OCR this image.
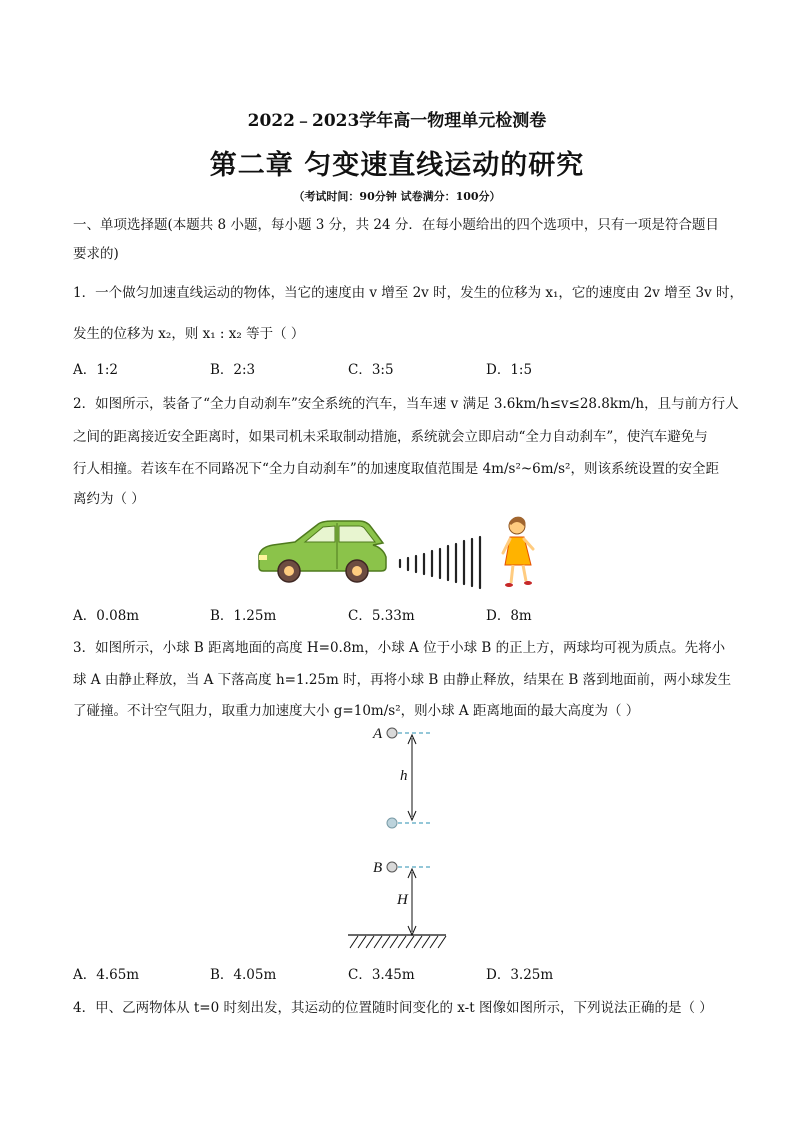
2022﹣2023学年高一物理单元检测卷
第二章 匀变速直线运动的研究
（考试时间：90分钟 试卷满分：100分）
一、单项选择题(本题共 8 小题，每小题 3 分，共 24 分．在每小题给出的四个选项中，只有一项是符合题目
要求的)
1．一个做匀加速直线运动的物体，当它的速度由 v 增至 2v 时，发生的位移为 x₁，它的速度由 2v 增至 3v 时，
发生的位移为 x₂，则 x₁ : x₂ 等于（ ）
A．1:2	B．2:3	C．3:5	D．1:5
2．如图所示，装备了“全力自动刹车”安全系统的汽车，当车速 v 满足 3.6km/h≤v≤28.8km/h，且与前方行人
之间的距离接近安全距离时，如果司机未采取制动措施，系统就会立即启动“全力自动刹车”，使汽车避免与
行人相撞。若该车在不同路况下“全力自动刹车”的加速度取值范围是 4m/s²~6m/s²，则该系统设置的安全距
离约为（ ）
A．0.08m	B．1.25m	C．5.33m	D．8m
3．如图所示，小球 B 距离地面的高度 H=0.8m，小球 A 位于小球 B 的正上方，两球均可视为质点。先将小
球 A 由静止释放，当 A 下落高度 h=1.25m 时，再将小球 B 由静止释放，结果在 B 落到地面前，两小球发生
了碰撞。不计空气阻力，取重力加速度大小 g=10m/s²，则小球 A 距离地面的最大高度为（ ）
A
h
B
H
A．4.65m	B．4.05m	C．3.45m	D．3.25m
4．甲、乙两物体从 t=0 时刻出发，其运动的位置随时间变化的 x-t 图像如图所示，下列说法正确的是（ ）
